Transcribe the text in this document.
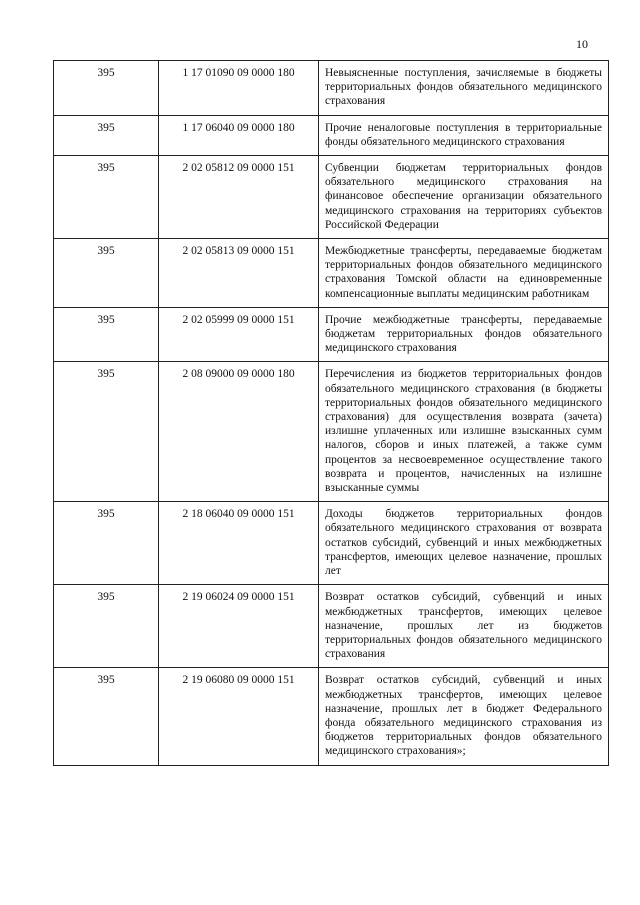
10
395	1 17 01090 09 0000 180	Невыясненные поступления, зачисляемые в бюджеты территориальных фондов обязательного медицинского страхования
395	1 17 06040 09 0000 180	Прочие неналоговые поступления в территориальные фонды обязательного медицинского страхования
395	2 02 05812 09 0000 151	Субвенции бюджетам территориальных фондов обязательного медицинского страхования на финансовое обеспечение организации обязательного медицинского страхования на территориях субъектов Российской Федерации
395	2 02 05813 09 0000 151	Межбюджетные трансферты, передаваемые бюджетам территориальных фондов обязательного медицинского страхования Томской области на единовременные компенсационные выплаты медицинским работникам
395	2 02 05999 09 0000 151	Прочие межбюджетные трансферты, передаваемые бюджетам территориальных фондов обязательного медицинского страхования
395	2 08 09000 09 0000 180	Перечисления из бюджетов территориальных фондов обязательного медицинского страхования (в бюджеты территориальных фондов обязательного медицинского страхования) для осуществления возврата (зачета) излишне уплаченных или излишне взысканных сумм налогов, сборов и иных платежей, а также сумм процентов за несвоевременное осуществление такого возврата и процентов, начисленных на излишне взысканные суммы
395	2 18 06040 09 0000 151	Доходы бюджетов территориальных фондов обязательного медицинского страхования от возврата остатков субсидий, субвенций и иных межбюджетных трансфертов, имеющих целевое назначение, прошлых лет
395	2 19 06024 09 0000 151	Возврат остатков субсидий, субвенций и иных межбюджетных трансфертов, имеющих целевое назначение, прошлых лет из бюджетов территориальных фондов обязательного медицинского страхования
395	2 19 06080 09 0000 151	Возврат остатков субсидий, субвенций и иных межбюджетных трансфертов, имеющих целевое назначение, прошлых лет в бюджет Федерального фонда обязательного медицинского страхования из бюджетов территориальных фондов обязательного медицинского страхования»;
